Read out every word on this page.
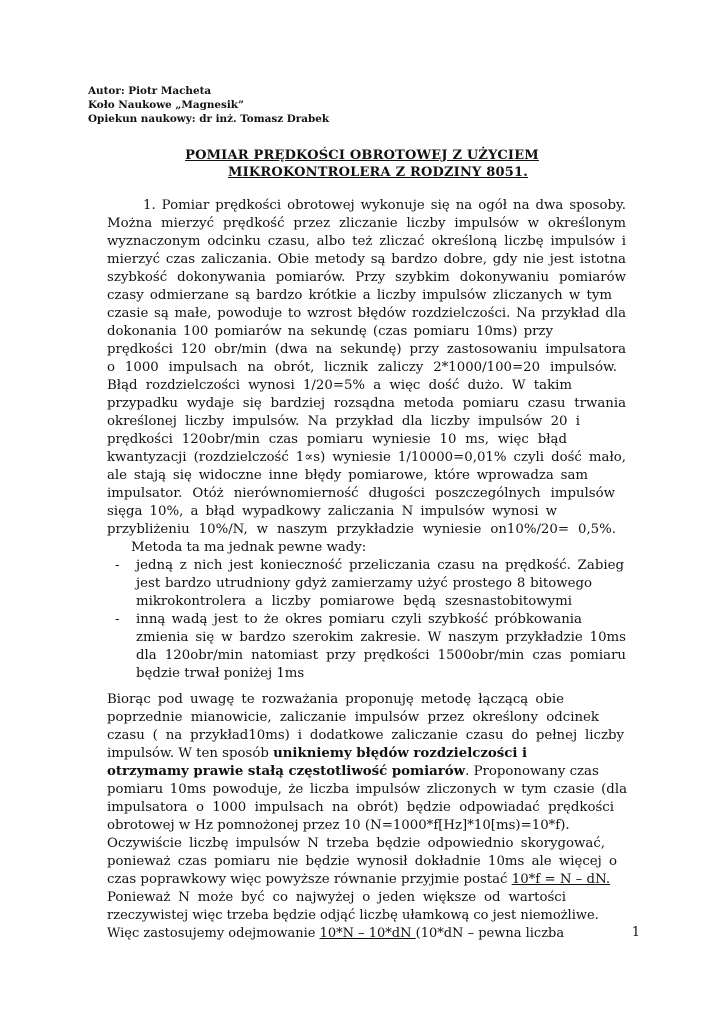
Autor: Piotr Macheta
Koło Naukowe „Magnesik”
Opiekun naukowy: dr inż. Tomasz Drabek
POMIAR PRĘDKOŚCI OBROTOWEJ Z UŻYCIEM
MIKROKONTROLERA Z RODZINY 8051.
1. Pomiar prędkości obrotowej wykonuje się na ogół na dwa sposoby.
Można mierzyć prędkość przez zliczanie liczby impulsów w określonym
wyznaczonym odcinku czasu, albo też zliczać określoną liczbę impulsów i
mierzyć czas zaliczania. Obie metody są bardzo dobre, gdy nie jest istotna
szybkość dokonywania pomiarów. Przy szybkim dokonywaniu pomiarów
czasy odmierzane są bardzo krótkie a liczby impulsów zliczanych w tym
czasie są małe, powoduje to wzrost błędów rozdzielczości. Na przykład dla
dokonania 100 pomiarów na sekundę (czas pomiaru 10ms) przy
prędkości 120 obr/min (dwa na sekundę) przy zastosowaniu impulsatora
o 1000 impulsach na obrót, licznik zaliczy 2*1000/100=20 impulsów.
Błąd rozdzielczości wynosi 1/20=5% a więc dość dużo. W takim
przypadku wydaje się bardziej rozsądna metoda pomiaru czasu trwania
określonej liczby impulsów. Na przykład dla liczby impulsów 20 i
prędkości 120obr/min czas pomiaru wyniesie 10 ms, więc błąd
kwantyzacji (rozdzielczość 1∝s) wyniesie 1/10000=0,01% czyli dość mało,
ale stają się widoczne inne błędy pomiarowe, które wprowadza sam
impulsator. Otóż nierównomierność długości poszczególnych impulsów
sięga 10%, a błąd wypadkowy zaliczania N impulsów wynosi w
przybliżeniu 10%/N, w naszym przykładzie wyniesie on10%/20= 0,5%.
Metoda ta ma jednak pewne wady:
- jedną z nich jest konieczność przeliczania czasu na prędkość. Zabieg
jest bardzo utrudniony gdyż zamierzamy użyć prostego 8 bitowego
mikrokontrolera a liczby pomiarowe będą szesnastobitowymi
- inną wadą jest to że okres pomiaru czyli szybkość próbkowania
zmienia się w bardzo szerokim zakresie. W naszym przykładzie 10ms
dla 120obr/min natomiast przy prędkości 1500obr/min czas pomiaru
będzie trwał poniżej 1ms
Biorąc pod uwagę te rozważania proponuję metodę łączącą obie
poprzednie mianowicie, zaliczanie impulsów przez określony odcinek
czasu ( na przykład10ms) i dodatkowe zaliczanie czasu do pełnej liczby
impulsów. W ten sposób unikniemy błędów rozdzielczości i
otrzymamy prawie stałą częstotliwość pomiarów. Proponowany czas
pomiaru 10ms powoduje, że liczba impulsów zliczonych w tym czasie (dla
impulsatora o 1000 impulsach na obrót) będzie odpowiadać prędkości
obrotowej w Hz pomnożonej przez 10 (N=1000*f[Hz]*10[ms)=10*f).
Oczywiście liczbę impulsów N trzeba będzie odpowiednio skorygować,
ponieważ czas pomiaru nie będzie wynosił dokładnie 10ms ale więcej o
czas poprawkowy więc powyższe równanie przyjmie postać 10*f = N – dN.
Ponieważ N może być co najwyżej o jeden większe od wartości
rzeczywistej więc trzeba będzie odjąć liczbę ułamkową co jest niemożliwe.
Więc zastosujemy odejmowanie 10*N – 10*dN (10*dN – pewna liczba	1
